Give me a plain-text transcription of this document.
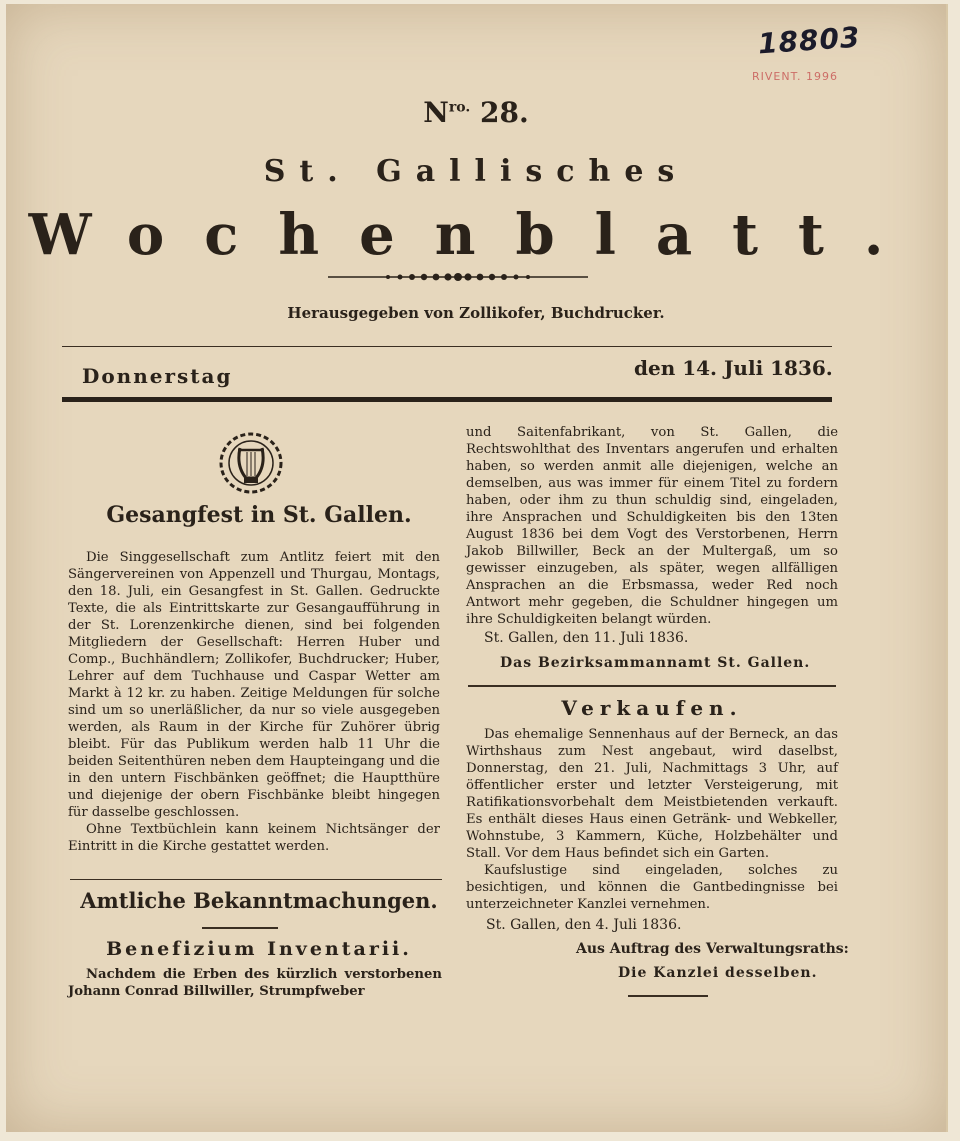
18803
RIVENT. 1996
$N^{ro.}$ 28.
St. Gallisches
Wochenblatt.
Herausgegeben von Zollikofer, Buchdrucker.
Donnerstag	den 14. Juli 1836.
Gesangfest in St. Gallen.

Die Singgesellschaft zum Antlitz feiert mit den Sängervereinen von Appenzell und Thurgau, Montags, den 18. Juli, ein Gesangfest in St. Gallen. Gedruckte Texte, die als Eintrittskarte zur Gesangaufführung in der St. Lorenzenkirche dienen, sind bei folgenden Mitgliedern der Gesellschaft: Herren Huber und Comp., Buchhändlern; Zollikofer, Buchdrucker; Huber, Lehrer auf dem Tuchhause und Caspar Wetter am Markt à 12 kr. zu haben. Zeitige Meldungen für solche sind um so unerläßlicher, da nur so viele ausgegeben werden, als Raum in der Kirche für Zuhörer übrig bleibt. Für das Publikum werden halb 11 Uhr die beiden Seitenthüren neben dem Haupteingang und die in den untern Fischbänken geöffnet; die Hauptthüre und diejenige der obern Fischbänke bleibt hingegen für dasselbe geschlossen.

Ohne Textbüchlein kann keinem Nichtsänger der Eintritt in die Kirche gestattet werden.

Amtliche Bekanntmachungen.
Benefizium Inventarii.

Nachdem die Erben des kürzlich verstorbenen Johann Conrad Billwiller, Strumpfweber

und Saitenfabrikant, von St. Gallen, die Rechtswohlthat des Inventars angerufen und erhalten haben, so werden anmit alle diejenigen, welche an demselben, aus was immer für einem Titel zu fordern haben, oder ihm zu thun schuldig sind, eingeladen, ihre Ansprachen und Schuldigkeiten bis den 13ten August 1836 bei dem Vogt des Verstorbenen, Herrn Jakob Billwiller, Beck an der Multergaß, um so gewisser einzugeben, als später, wegen allfälligen Ansprachen an die Erbsmassa, weder Red noch Antwort mehr gegeben, die Schuldner hingegen um ihre Schuldigkeiten belangt würden.

St. Gallen, den 11. Juli 1836.
Das Bezirksammannamt St. Gallen.
Verkaufen.

Das ehemalige Sennenhaus auf der Berneck, an das Wirthshaus zum Nest angebaut, wird daselbst, Donnerstag, den 21. Juli, Nachmittags 3 Uhr, auf öffentlicher erster und letzter Versteigerung, mit Ratifikationsvorbehalt dem Meistbietenden verkauft. Es enthält dieses Haus einen Getränk- und Webkeller, Wohnstube, 3 Kammern, Küche, Holzbehälter und Stall. Vor dem Haus befindet sich ein Garten.

Kaufslustige sind eingeladen, solches zu besichtigen, und können die Gantbedingnisse bei unterzeichneter Kanzlei vernehmen.

St. Gallen, den 4. Juli 1836.
Aus Auftrag des Verwaltungsraths:
Die Kanzlei desselben.
